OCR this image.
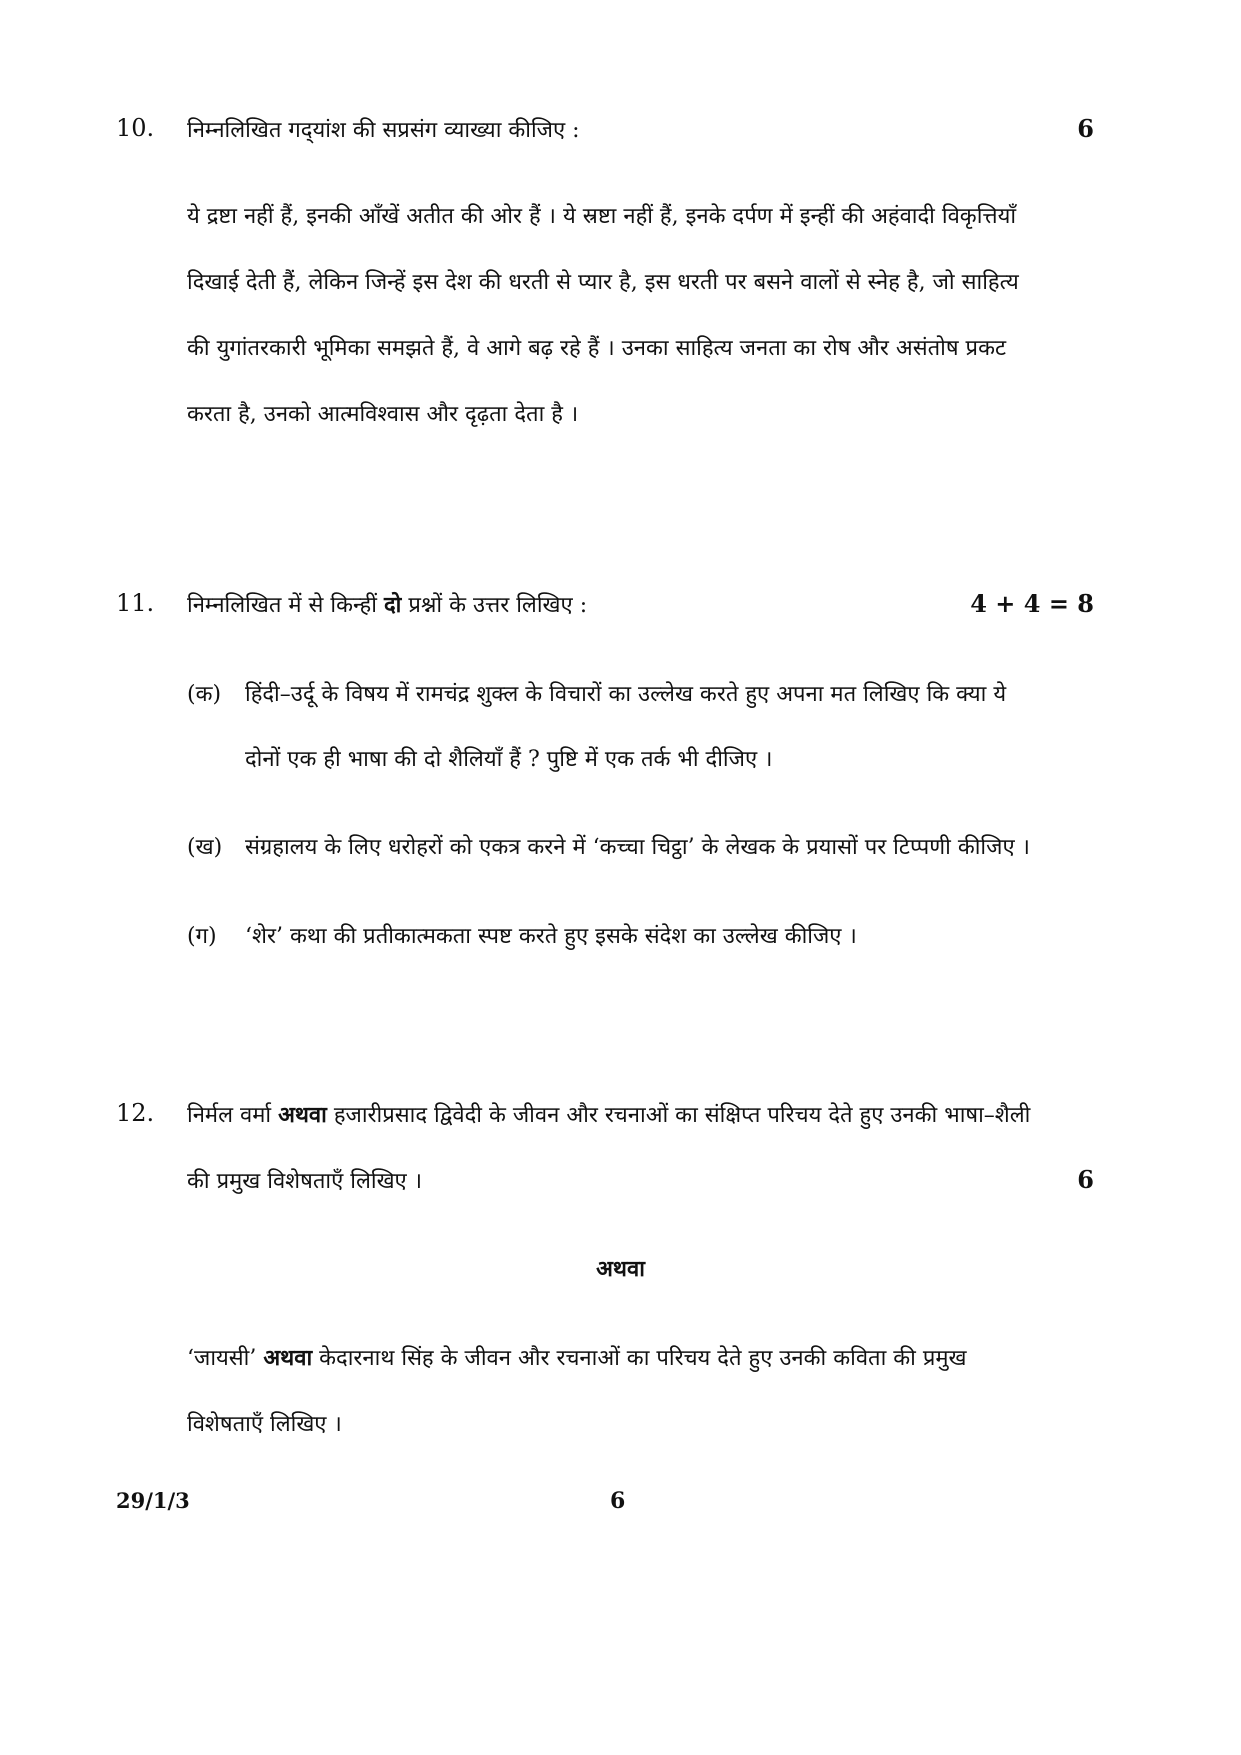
10. निम्नलिखित गद्‌यांश की सप्रसंग व्याख्या कीजिए :	6
ये द्रष्टा नहीं हैं, इनकी आँखें अतीत की ओर हैं । ये स्रष्टा नहीं हैं, इनके दर्पण में इन्हीं की अहंवादी विकृत्तियाँ
दिखाई देती हैं, लेकिन जिन्हें इस देश की धरती से प्यार है, इस धरती पर बसने वालों से स्नेह है, जो साहित्य
की युगांतरकारी भूमिका समझते हैं, वे आगे बढ़ रहे हैं । उनका साहित्य जनता का रोष और असंतोष प्रकट
करता है, उनको आत्मविश्वास और दृढ़ता देता है ।
11. निम्नलिखित में से किन्हीं दो प्रश्नों के उत्तर लिखिए :	4 + 4 = 8
(क) हिंदी–उर्दू के विषय में रामचंद्र शुक्ल के विचारों का उल्लेख करते हुए अपना मत लिखिए कि क्या ये
दोनों एक ही भाषा की दो शैलियाँ हैं ? पुष्टि में एक तर्क भी दीजिए ।
(ख) संग्रहालय के लिए धरोहरों को एकत्र करने में ‘कच्चा चिट्ठा’ के लेखक के प्रयासों पर टिप्पणी कीजिए ।
(ग) ‘शेर’ कथा की प्रतीकात्मकता स्पष्ट करते हुए इसके संदेश का उल्लेख कीजिए ।
12. निर्मल वर्मा अथवा हजारीप्रसाद द्विवेदी के जीवन और रचनाओं का संक्षिप्त परिचय देते हुए उनकी भाषा–शैली
की प्रमुख विशेषताएँ लिखिए ।	6
अथवा
‘जायसी’ अथवा केदारनाथ सिंह के जीवन और रचनाओं का परिचय देते हुए उनकी कविता की प्रमुख
विशेषताएँ लिखिए ।
29/1/3	6
